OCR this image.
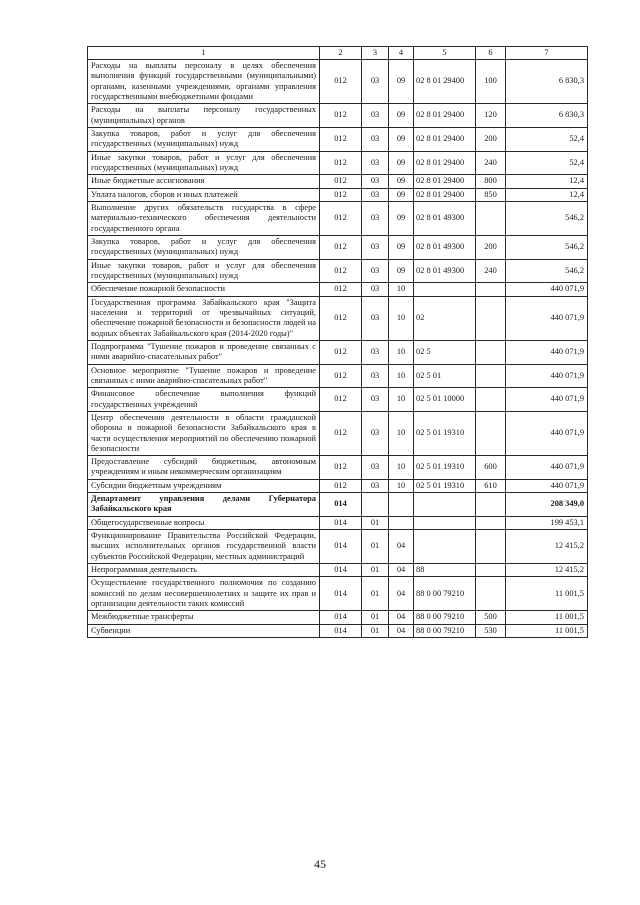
1	2	3	4	5	6	7
Расходы на выплаты персоналу в целях обеспечения выполнения функций государственными (муниципальными) органами, казенными учреждениями, органами управления государственными внебюджетными фондами	012	03	09	02 8 01 29400	100	6 830,3
Расходы на выплаты персоналу государственных (муниципальных) органов	012	03	09	02 8 01 29400	120	6 830,3
Закупка товаров, работ и услуг для обеспечения государственных (муниципальных) нужд	012	03	09	02 8 01 29400	200	52,4
Иные закупки товаров, работ и услуг для обеспечения государственных (муниципальных) нужд	012	03	09	02 8 01 29400	240	52,4
Иные бюджетные ассигнования	012	03	09	02 8 01 29400	800	12,4
Уплата налогов, сборов и иных платежей	012	03	09	02 8 01 29400	850	12,4
Выполнение других обязательств государства в сфере материально-технического обеспечения деятельности государственного органа	012	03	09	02 8 01 49300		546,2
Закупка товаров, работ и услуг для обеспечения государственных (муниципальных) нужд	012	03	09	02 8 01 49300	200	546,2
Иные закупки товаров, работ и услуг для обеспечения государственных (муниципальных) нужд	012	03	09	02 8 01 49300	240	546,2
Обеспечение пожарной безопасности	012	03	10			440 071,9
Государственная программа Забайкальского края "Защита населения и территорий от чрезвычайных ситуаций, обеспечение пожарной безопасности и безопасности людей на водных объектах Забайкальского края (2014-2020 годы)"	012	03	10	02		440 071,9
Подпрограмма "Тушение пожаров и проведение связанных с ними аварийно-спасательных работ"	012	03	10	02 5		440 071,9
Основное мероприятие "Тушение пожаров и проведение связанных с ними аварийно-спасательных работ"	012	03	10	02 5 01		440 071,9
Финансовое обеспечение выполнения функций государственных учреждений	012	03	10	02 5 01 10000		440 071,9
Центр обеспечения деятельности в области гражданской обороны и пожарной безопасности Забайкальского края в части осуществления мероприятий по обеспечению пожарной безопасности	012	03	10	02 5 01 19310		440 071,9
Предоставление субсидий бюджетным, автономным учреждениям и иным некоммерческим организациям	012	03	10	02 5 01 19310	600	440 071,9
Субсидии бюджетным учреждениям	012	03	10	02 5 01 19310	610	440 071,9
Департамент управления делами Губернатора Забайкальского края	014					208 349,0
Общегосударственные вопросы	014	01				199 453,1
Функционирование Правительства Российской Федерации, высших исполнительных органов государственной власти субъектов Российской Федерации, местных администраций	014	01	04			12 415,2
Непрограммная деятельность	014	01	04	88		12 415,2
Осуществление государственного полномочия по созданию комиссий по делам несовершеннолетних и защите их прав и организации деятельности таких комиссий	014	01	04	88 0 00 79210		11 001,5
Межбюджетные трансферты	014	01	04	88 0 00 79210	500	11 001,5
Субвенции	014	01	04	88 0 00 79210	530	11 001,5
45
